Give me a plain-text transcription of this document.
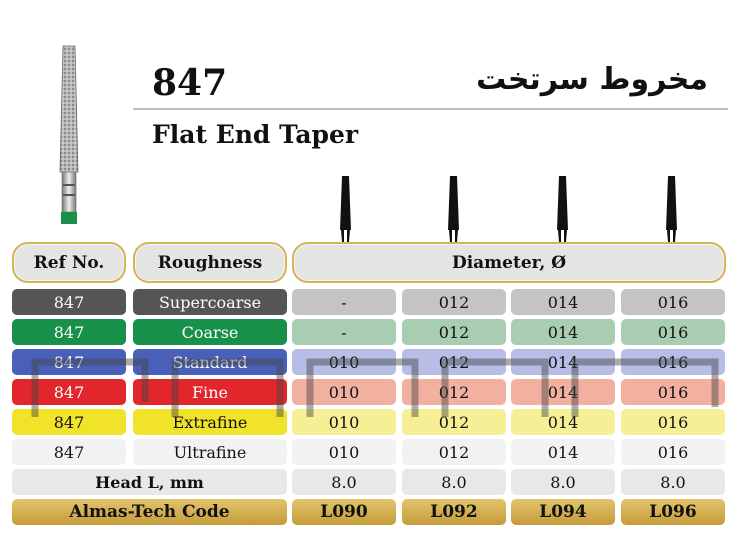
847	مخروط سرتخت
Flat End Taper
Ref No.	Roughness	Diameter, Ø
847	Supercoarse	-	012	014	016
847	Coarse	-	012	014	016
847	Standard	010	012	014	016
847	Fine	010	012	014	016
847	Extrafine	010	012	014	016
847	Ultrafine	010	012	014	016
Head L, mm	8.0	8.0	8.0	8.0
Almas-Tech Code	L090	L092	L094	L096
